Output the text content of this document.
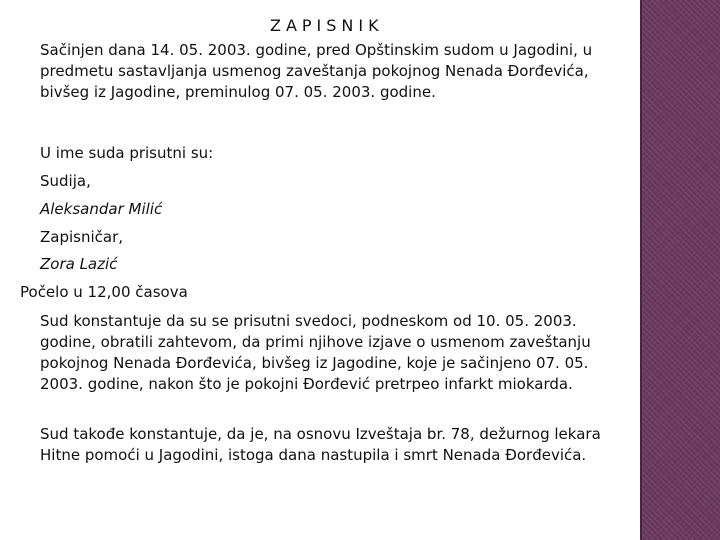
ZAPISNIK

Sačinjen dana 14. 05. 2003. godine, pred Opštinskim sudom u Jagodini, u predmetu sastavljanja usmenog zaveštanja pokojnog Nenada Đorđevića, bivšeg iz Jagodine, preminulog 07. 05. 2003. godine.

U ime suda prisutni su:
Sudija,
Aleksandar Milić
Zapisničar,
Zora Lazić
Počelo u 12,00 časova

Sud konstantuje da su se prisutni svedoci, podneskom od 10. 05. 2003. godine, obratili zahtevom, da primi njihove izjave o usmenom zaveštanju pokojnog Nenada Đorđevića, bivšeg iz Jagodine, koje je sačinjeno 07. 05. 2003. godine, nakon što je pokojni Đorđević pretrpeo infarkt miokarda.

Sud takođe konstantuje, da je, na osnovu Izveštaja br. 78, dežurnog lekara Hitne pomoći u Jagodini, istoga dana nastupila i smrt Nenada Đorđevića.
